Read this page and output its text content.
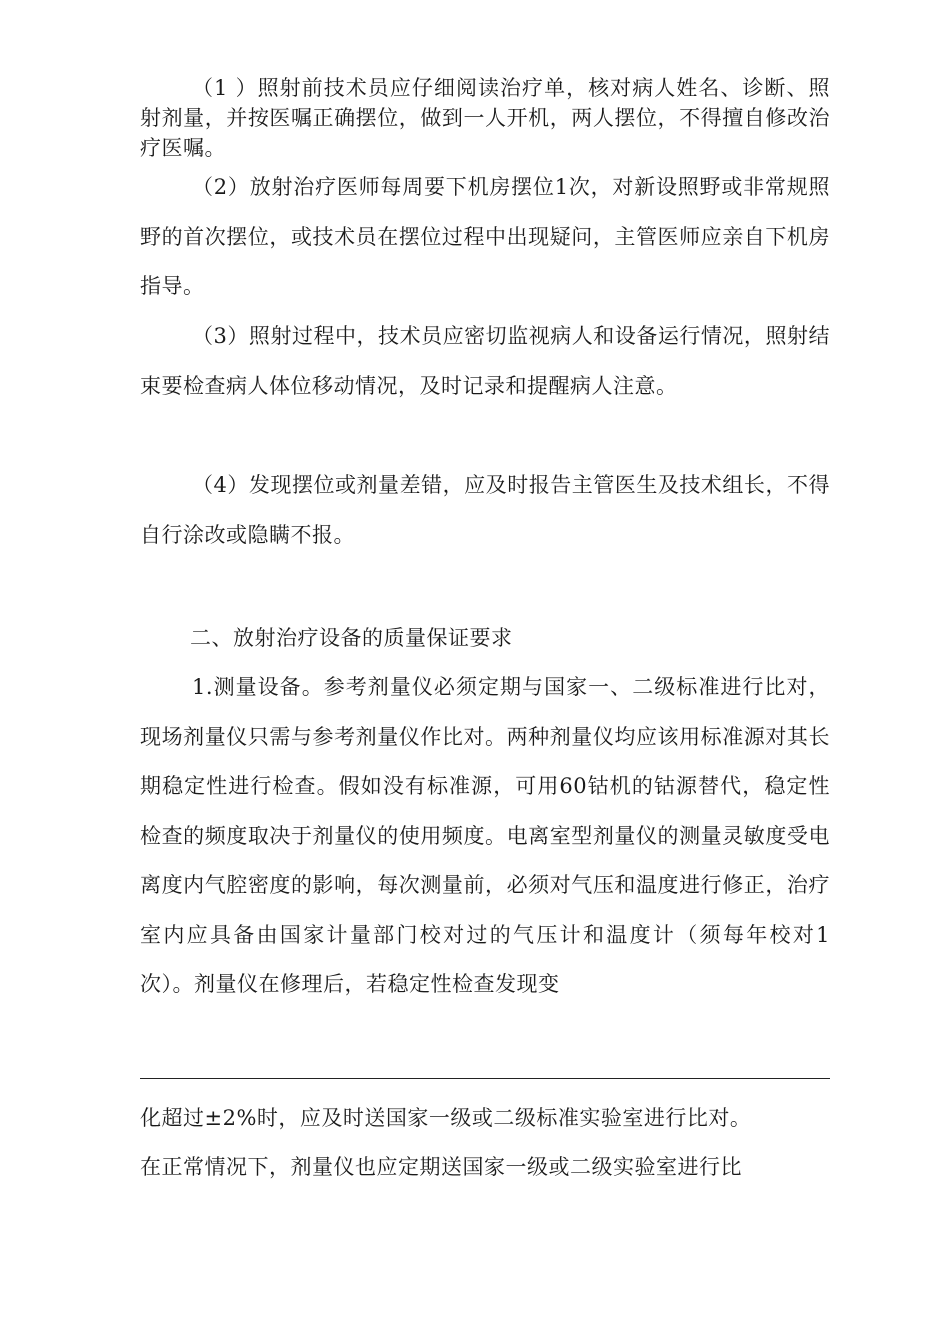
（1 ）照射前技术员应仔细阅读治疗单，核对病人姓名、诊断、照射剂量，并按医嘱正确摆位，做到一人开机，两人摆位，不得擅自修改治疗医嘱。
（2）放射治疗医师每周要下机房摆位1次，对新设照野或非常规照野的首次摆位，或技术员在摆位过程中出现疑问，主管医师应亲自下机房指导。
（3）照射过程中，技术员应密切监视病人和设备运行情况，照射结束要检查病人体位移动情况，及时记录和提醒病人注意。
（4）发现摆位或剂量差错，应及时报告主管医生及技术组长，不得自行涂改或隐瞒不报。
二、放射治疗设备的质量保证要求
1.测量设备。参考剂量仪必须定期与国家一、二级标准进行比对，现场剂量仪只需与参考剂量仪作比对。两种剂量仪均应该用标准源对其长期稳定性进行检查。假如没有标准源，可用60钴机的钴源替代，稳定性检查的频度取决于剂量仪的使用频度。电离室型剂量仪的测量灵敏度受电离度内气腔密度的影响，每次测量前，必须对气压和温度进行修正，治疗室内应具备由国家计量部门校对过的气压计和温度计（须每年校对1次）。剂量仪在修理后，若稳定性检查发现变
化超过±2%时，应及时送国家一级或二级标准实验室进行比对。
在正常情况下，剂量仪也应定期送国家一级或二级实验室进行比
